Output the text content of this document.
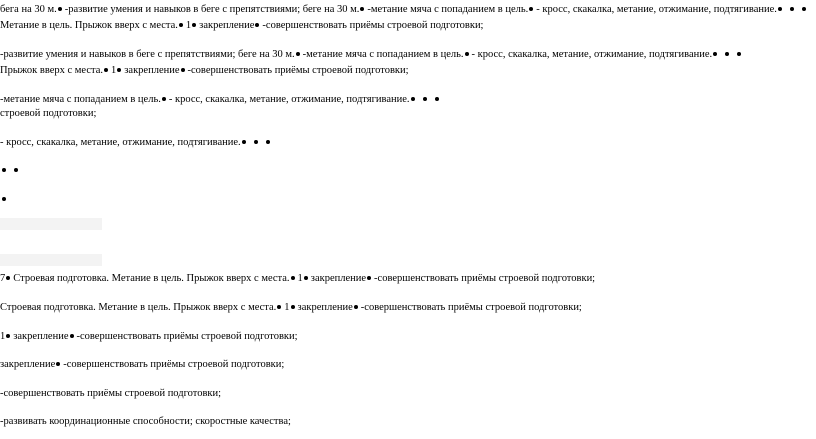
бега на 30 м. -развитие умения и навыков в беге с препятствиями; беге на 30 м. -метание мяча с попаданием в цель. - кросс, скакалка, метание, отжимание, подтягивание.
Метание в цель. Прыжок вверх с места. 1 закрепление -совершенствовать приёмы строевой подготовки;
-развитие умения и навыков в беге с препятствиями; беге на 30 м. -метание мяча с попаданием в цель. - кросс, скакалка, метание, отжимание, подтягивание.
Прыжок вверх с места. 1 закрепление -совершенствовать приёмы строевой подготовки;
-метание мяча с попаданием в цель. - кросс, скакалка, метание, отжимание, подтягивание.
строевой подготовки;
- кросс, скакалка, метание, отжимание, подтягивание.
7 Строевая подготовка. Метание в цель. Прыжок вверх с места. 1 закрепление -совершенствовать приёмы строевой подготовки;
Строевая подготовка. Метание в цель. Прыжок вверх с места. 1 закрепление -совершенствовать приёмы строевой подготовки;
1 закрепление -совершенствовать приёмы строевой подготовки;
закрепление -совершенствовать приёмы строевой подготовки;
-совершенствовать приёмы строевой подготовки;
-развивать координационные способности; скоростные качества;
